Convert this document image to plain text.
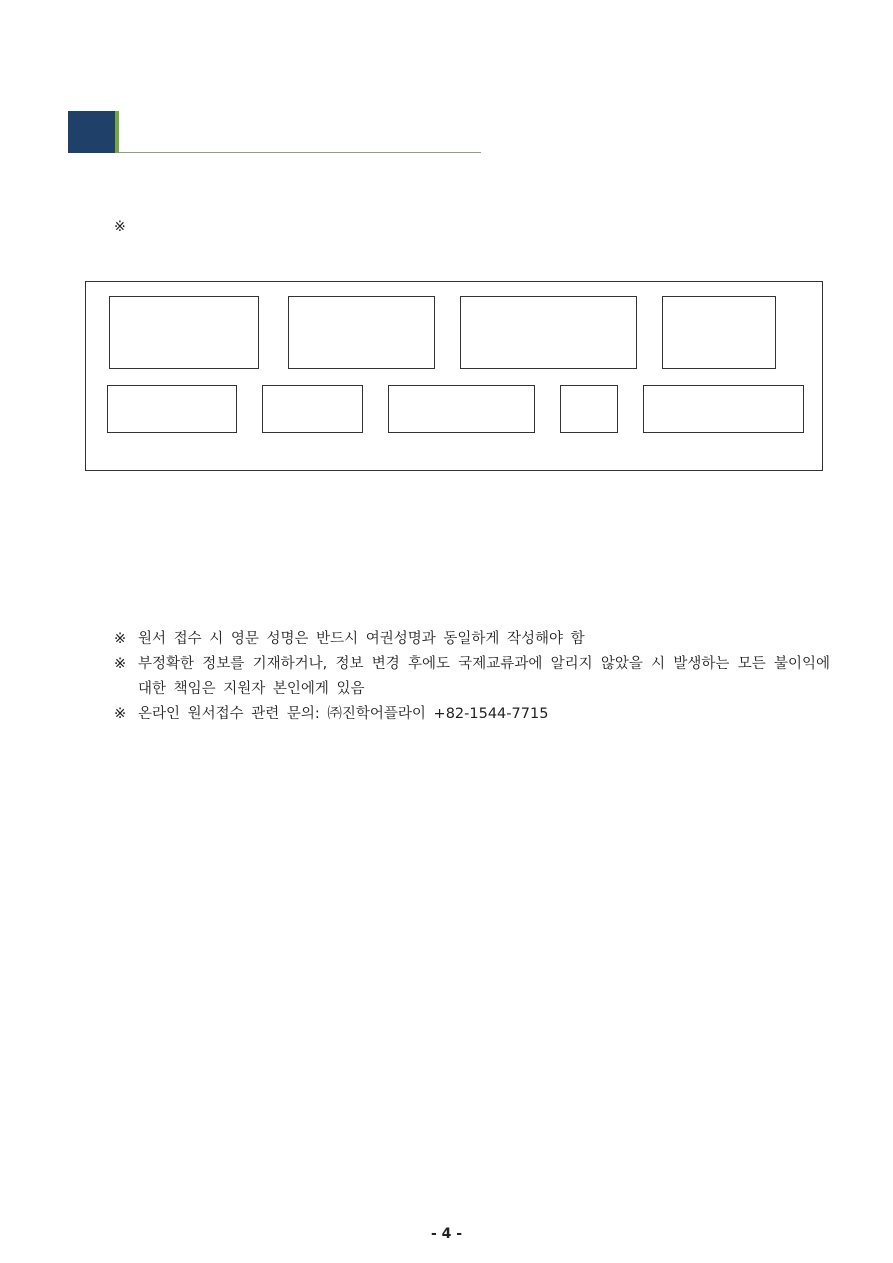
※
※ 원서 접수 시 영문 성명은 반드시 여권성명과 동일하게 작성해야 함
※ 부정확한 정보를 기재하거나, 정보 변경 후에도 국제교류과에 알리지 않았을 시 발생하는 모든 불이익에 대한 책임은 지원자 본인에게 있음
※ 온라인 원서접수 관련 문의: ㈜진학어플라이 +82-1544-7715
- 4 -
